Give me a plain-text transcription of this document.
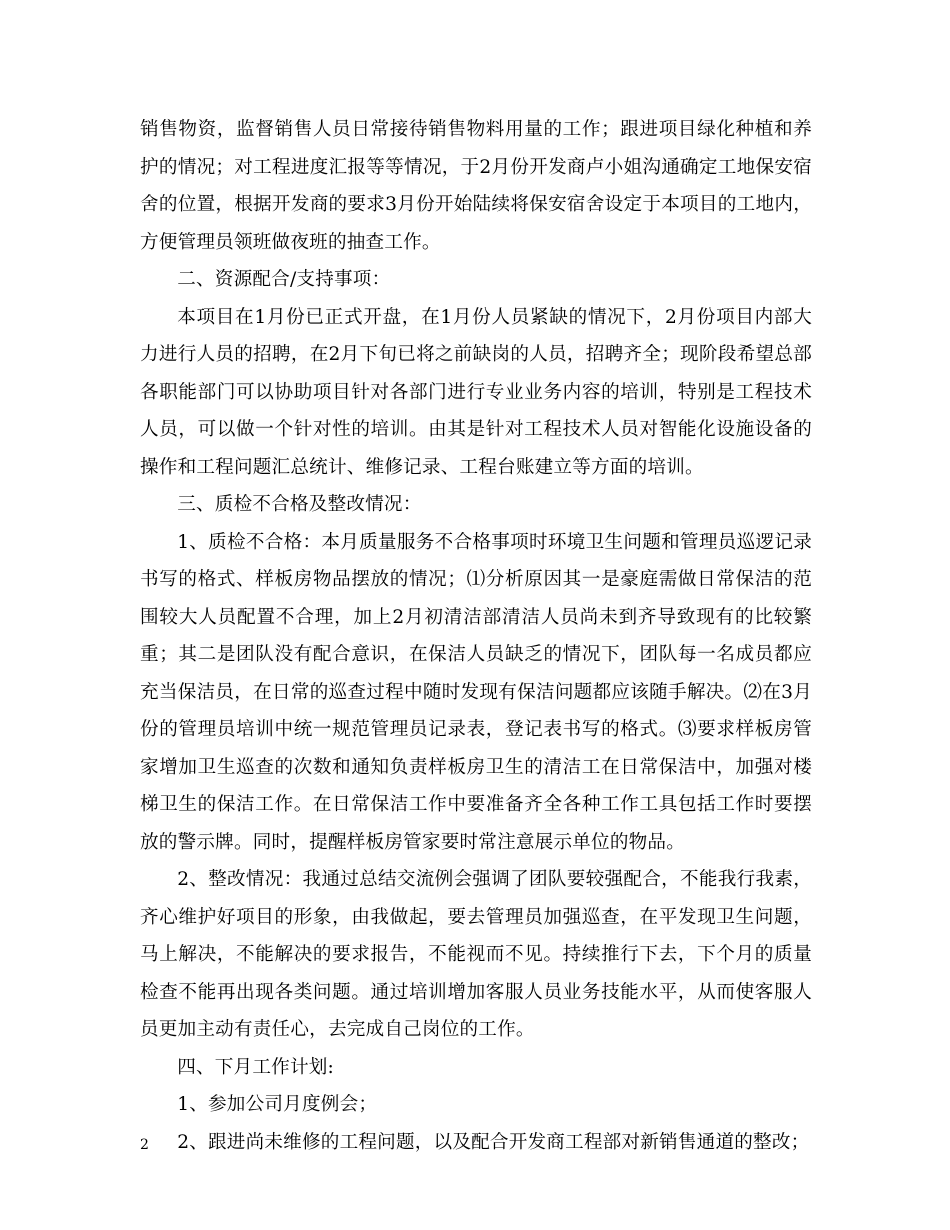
销售物资，监督销售人员日常接待销售物料用量的工作；跟进项目绿化种植和养护的情况；对工程进度汇报等等情况，于2月份开发商卢小姐沟通确定工地保安宿舍的位置，根据开发商的要求3月份开始陆续将保安宿舍设定于本项目的工地内，方便管理员领班做夜班的抽查工作。

二、资源配合/支持事项：

本项目在1月份已正式开盘，在1月份人员紧缺的情况下，2月份项目内部大力进行人员的招聘，在2月下旬已将之前缺岗的人员，招聘齐全；现阶段希望总部各职能部门可以协助项目针对各部门进行专业业务内容的培训，特别是工程技术人员，可以做一个针对性的培训。由其是针对工程技术人员对智能化设施设备的操作和工程问题汇总统计、维修记录、工程台账建立等方面的培训。

三、质检不合格及整改情况：

1、质检不合格：本月质量服务不合格事项时环境卫生问题和管理员巡逻记录书写的格式、样板房物品摆放的情况；⑴分析原因其一是豪庭需做日常保洁的范围较大人员配置不合理，加上2月初清洁部清洁人员尚未到齐导致现有的比较繁重；其二是团队没有配合意识，在保洁人员缺乏的情况下，团队每一名成员都应充当保洁员，在日常的巡查过程中随时发现有保洁问题都应该随手解决。⑵在3月份的管理员培训中统一规范管理员记录表，登记表书写的格式。⑶要求样板房管家增加卫生巡查的次数和通知负责样板房卫生的清洁工在日常保洁中，加强对楼梯卫生的保洁工作。在日常保洁工作中要准备齐全各种工作工具包括工作时要摆放的警示牌。同时，提醒样板房管家要时常注意展示单位的物品。

2、整改情况：我通过总结交流例会强调了团队要较强配合，不能我行我素，齐心维护好项目的形象，由我做起，要去管理员加强巡查，在平发现卫生问题，马上解决，不能解决的要求报告，不能视而不见。持续推行下去，下个月的质量检查不能再出现各类问题。通过培训增加客服人员业务技能水平，从而使客服人员更加主动有责任心，去完成自己岗位的工作。

四、下月工作计划:

1、参加公司月度例会；

2、跟进尚未维修的工程问题，以及配合开发商工程部对新销售通道的整改；

2
